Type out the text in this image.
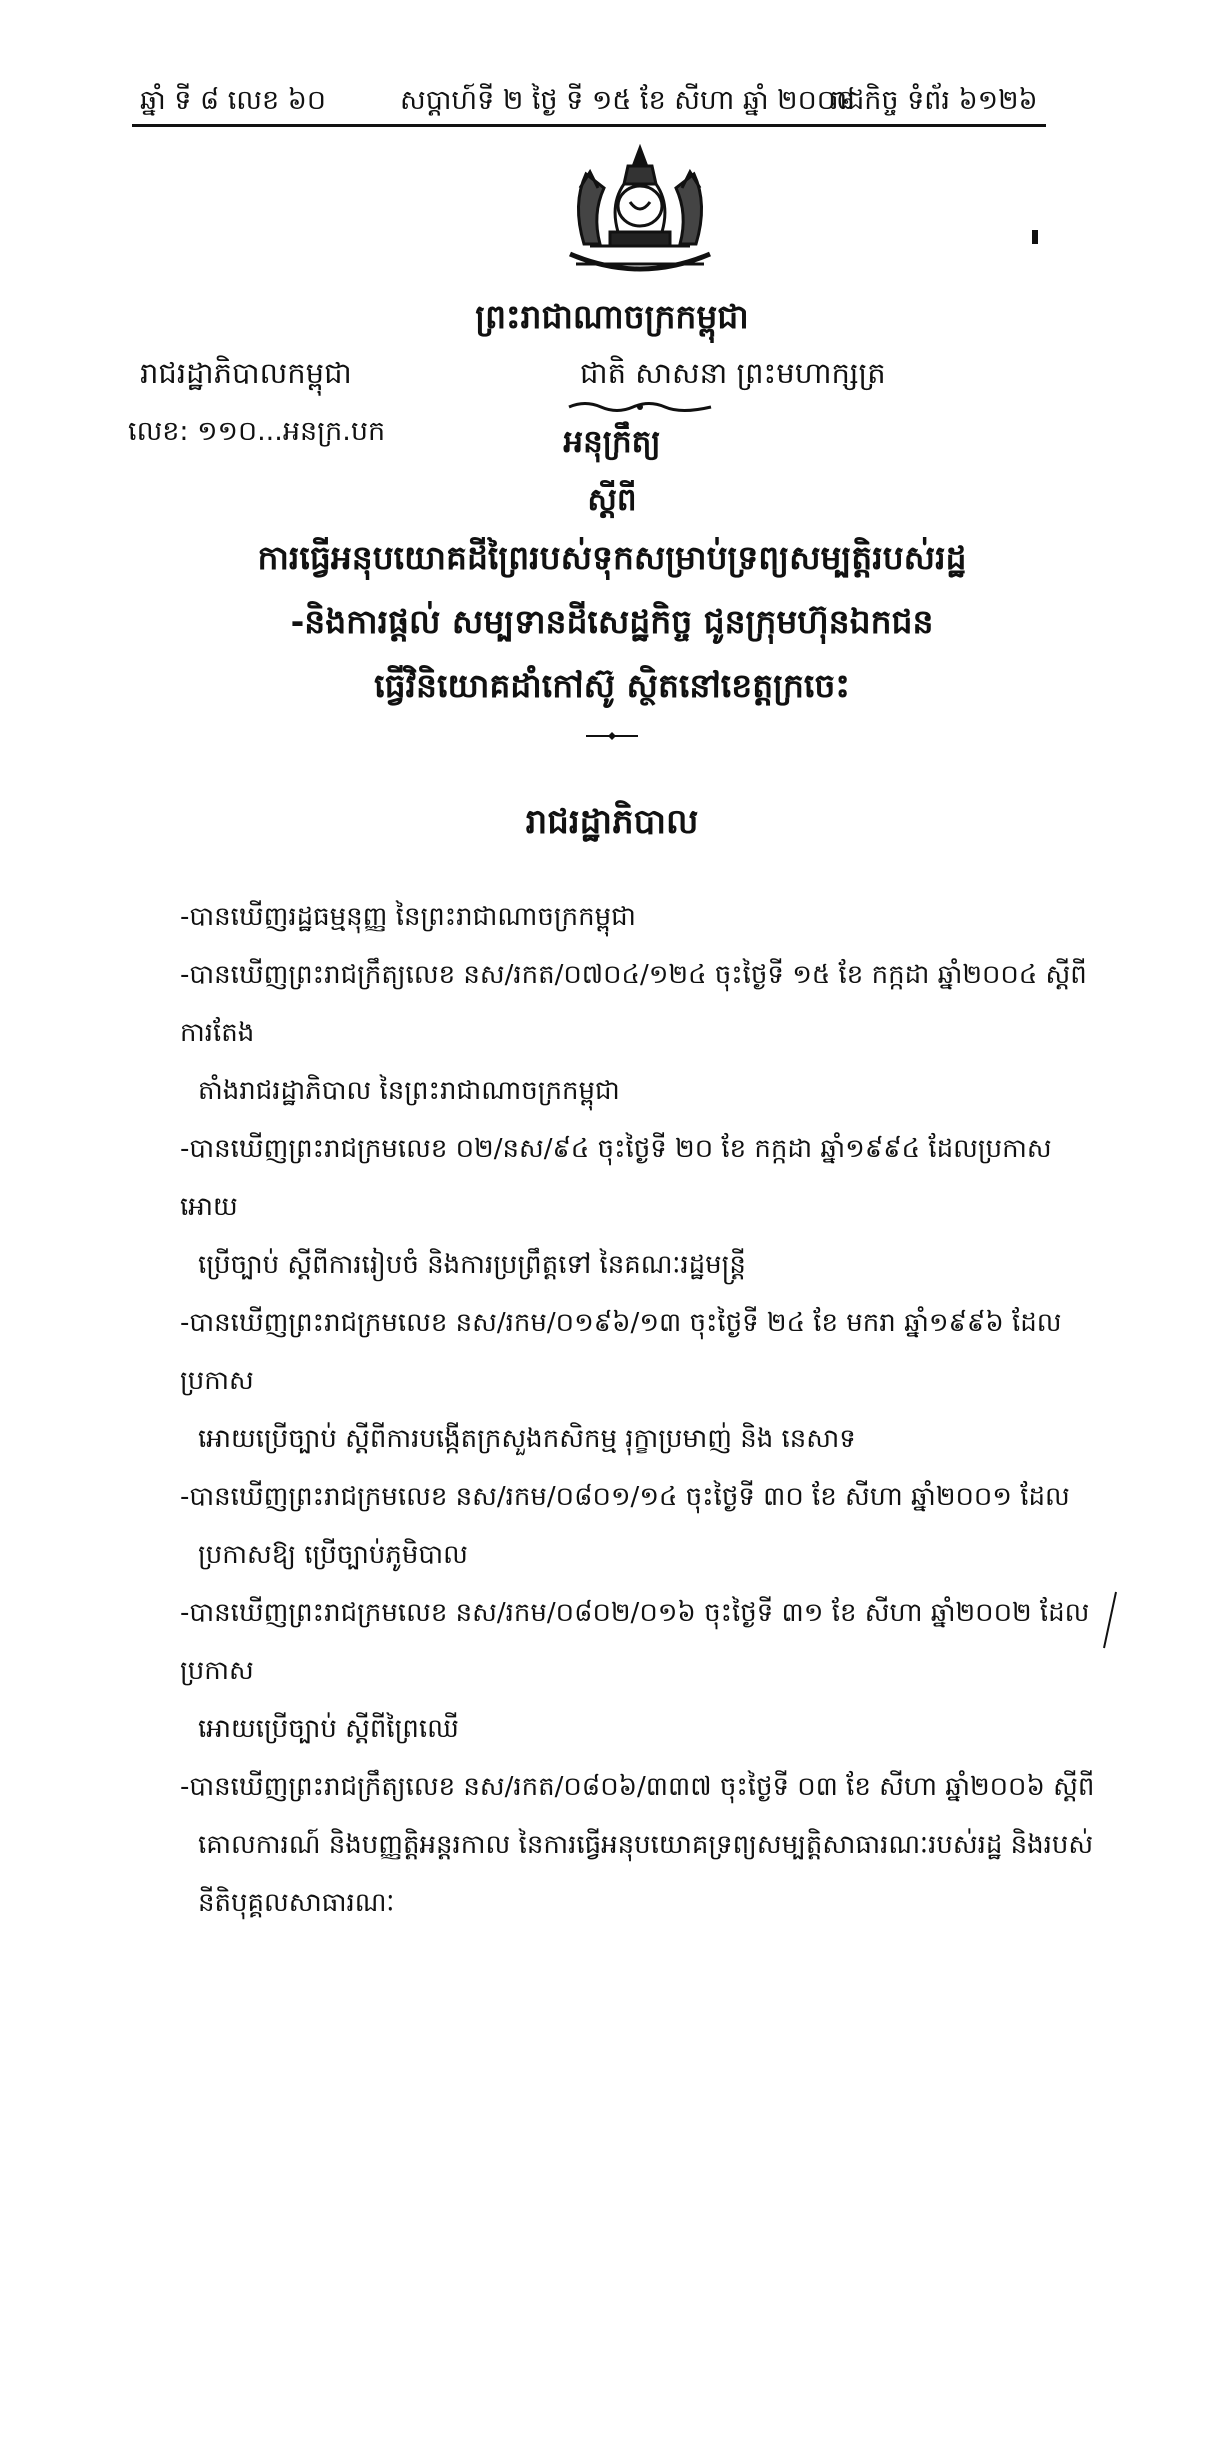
ឆ្នាំ ទី ៨ លេខ ៦០	សប្តាហ៍ទី ២ ថ្ងៃ ទី ១៥ ខែ សីហា ឆ្នាំ ២០០៨
រាជកិច្ច ទំព័រ ៦១២៦
ព្រះរាជាណាចក្រកម្ពុជា
រាជរដ្ឋាភិបាលកម្ពុជា	ជាតិ សាសនា ព្រះមហាក្សត្រ
លេខ: ១១០...អនក្រ.បក	អនុក្រឹត្យ
ស្តីពី
ការធ្វើអនុបយោគដីព្រៃរបស់ទុកសម្រាប់ទ្រព្យសម្បត្តិរបស់រដ្ឋ
-និងការផ្តល់ សម្បទានដីសេដ្ឋកិច្ច ជូនក្រុមហ៊ុនឯកជន
ធ្វើវិនិយោគដាំកៅស៊ូ ស្ថិតនៅខេត្តក្រចេះ
រាជរដ្ឋាភិបាល
-បានឃើញរដ្ឋធម្មនុញ្ញ នៃព្រះរាជាណាចក្រកម្ពុជា
-បានឃើញព្រះរាជក្រឹត្យលេខ នស/រកត/០៧០៤/១២៤ ចុះថ្ងៃទី ១៥ ខែ កក្កដា ឆ្នាំ២០០៤ ស្តីពី ការតែង
តាំងរាជរដ្ឋាភិបាល នៃព្រះរាជាណាចក្រកម្ពុជា
-បានឃើញព្រះរាជក្រមលេខ ០២/នស/៩៤ ចុះថ្ងៃទី ២០ ខែ កក្កដា ឆ្នាំ១៩៩៤ ដែលប្រកាសអោយ
ប្រើច្បាប់ ស្តីពីការរៀបចំ និងការប្រព្រឹត្តទៅ នៃគណៈរដ្ឋមន្ត្រី
-បានឃើញព្រះរាជក្រមលេខ នស/រកម/០១៩៦/១៣ ចុះថ្ងៃទី ២៤ ខែ មករា ឆ្នាំ១៩៩៦ ដែល ប្រកាស
អោយប្រើច្បាប់ ស្តីពីការបង្កើតក្រសួងកសិកម្ម រុក្ខាប្រមាញ់ និង នេសាទ
-បានឃើញព្រះរាជក្រមលេខ នស/រកម/០៨០១/១៤ ចុះថ្ងៃទី ៣០ ខែ សីហា ឆ្នាំ២០០១ ដែល
ប្រកាសឱ្យ ប្រើច្បាប់ភូមិបាល
-បានឃើញព្រះរាជក្រមលេខ នស/រកម/០៨០២/០១៦ ចុះថ្ងៃទី ៣១ ខែ សីហា ឆ្នាំ២០០២ ដែល ប្រកាស
អោយប្រើច្បាប់ ស្តីពីព្រៃឈើ
-បានឃើញព្រះរាជក្រឹត្យលេខ នស/រកត/០៨០៦/៣៣៧ ចុះថ្ងៃទី ០៣ ខែ សីហា ឆ្នាំ២០០៦ ស្តីពី
គោលការណ៍ និងបញ្ញត្តិអន្តរកាល នៃការធ្វើអនុបយោគទ្រព្យសម្បត្តិសាធារណៈរបស់រដ្ឋ និងរបស់នីតិបុគ្គលសាធារណៈ
